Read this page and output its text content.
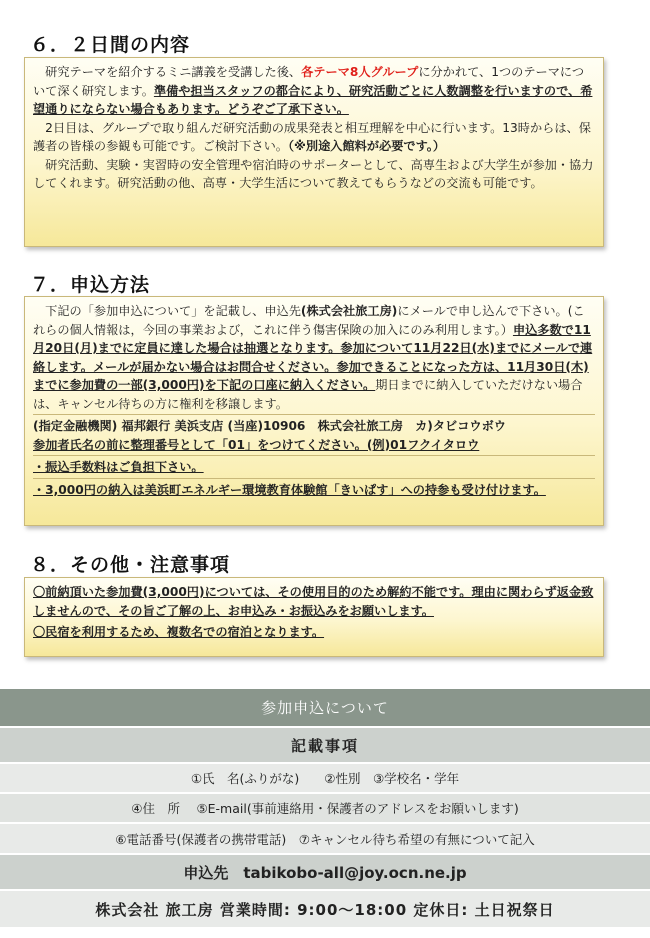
６．２日間の内容

　研究テーマを紹介するミニ講義を受講した後、各テーマ8人グループに分かれて、1つのテーマについて深く研究します。準備や担当スタッフの都合により、研究活動ごとに人数調整を行いますので、希望通りにならない場合もあります。どうぞご了承下さい。

　2日目は、グループで取り組んだ研究活動の成果発表と相互理解を中心に行います。13時からは、保護者の皆様の参観も可能です。ご検討下さい。（※別途入館料が必要です。）

　研究活動、実験・実習時の安全管理や宿泊時のサポーターとして、高専生および大学生が参加・協力してくれます。研究活動の他、高専・大学生活について教えてもらうなどの交流も可能です。

７．申込方法

　下記の「参加申込について」を記載し、申込先(株式会社旅工房)にメールで申し込んで下さい。(これらの個人情報は，今回の事業および，これに伴う傷害保険の加入にのみ利用します。）申込多数で11月20日(月)までに定員に達した場合は抽選となります。参加について11月22日(水)までにメールで連絡します。メールが届かない場合はお問合せください。参加できることになった方は、11月30日(木)までに参加費の一部(3,000円)を下記の口座に納入ください。期日までに納入していただけない場合は、キャンセル待ちの方に権利を移譲します。

(指定金融機関) 福邦銀行 美浜支店 (当座)10906　株式会社旅工房　カ)タビコウボウ

参加者氏名の前に整理番号として「01」をつけてください。(例)01フクイタロウ

・振込手数料はご負担下さい。

・3,000円の納入は美浜町エネルギー環境教育体験館「きいぱす」への持参も受け付けます。

８．その他・注意事項

〇前納頂いた参加費(3,000円)については、その使用目的のため解約不能です。理由に関わらず返金致しませんので、その旨ご了解の上、お申込み・お振込みをお願いします。

〇民宿を利用するため、複数名での宿泊となります。

参加申込について
記載事項
①氏　名(ふりがな)　　②性別　③学校名・学年
④住　所　 ⑤E-mail(事前連絡用・保護者のアドレスをお願いします)
⑥電話番号(保護者の携帯電話)　⑦キャンセル待ち希望の有無について記入
申込先　tabikobo-all@joy.ocn.ne.jp
株式会社 旅工房 営業時間: 9:00～18:00 定休日: 土日祝祭日
